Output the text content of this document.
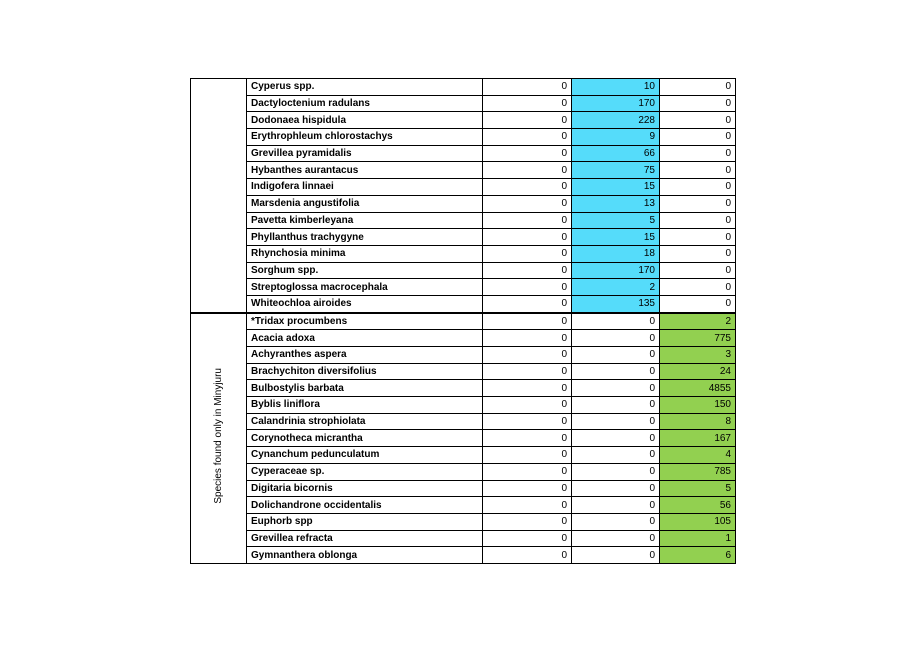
	Cyperus spp.	0	10	0
	Dactyloctenium radulans	0	170	0
	Dodonaea hispidula	0	228	0
	Erythrophleum chlorostachys	0	9	0
	Grevillea pyramidalis	0	66	0
	Hybanthes aurantacus	0	75	0
	Indigofera linnaei	0	15	0
	Marsdenia angustifolia	0	13	0
	Pavetta kimberleyana	0	5	0
	Phyllanthus trachygyne	0	15	0
	Rhynchosia minima	0	18	0
	Sorghum spp.	0	170	0
	Streptoglossa macrocephala	0	2	0
	Whiteochloa airoides	0	135	0
Species found only in Minyjuru	*Tridax procumbens	0	0	2
	Acacia adoxa	0	0	775
	Achyranthes aspera	0	0	3
	Brachychiton diversifolius	0	0	24
	Bulbostylis barbata	0	0	4855
	Byblis liniflora	0	0	150
	Calandrinia strophiolata	0	0	8
	Corynotheca micrantha	0	0	167
	Cynanchum pedunculatum	0	0	4
	Cyperaceae sp.	0	0	785
	Digitaria bicornis	0	0	5
	Dolichandrone occidentalis	0	0	56
	Euphorb spp	0	0	105
	Grevillea refracta	0	0	1
	Gymnanthera oblonga	0	0	6
